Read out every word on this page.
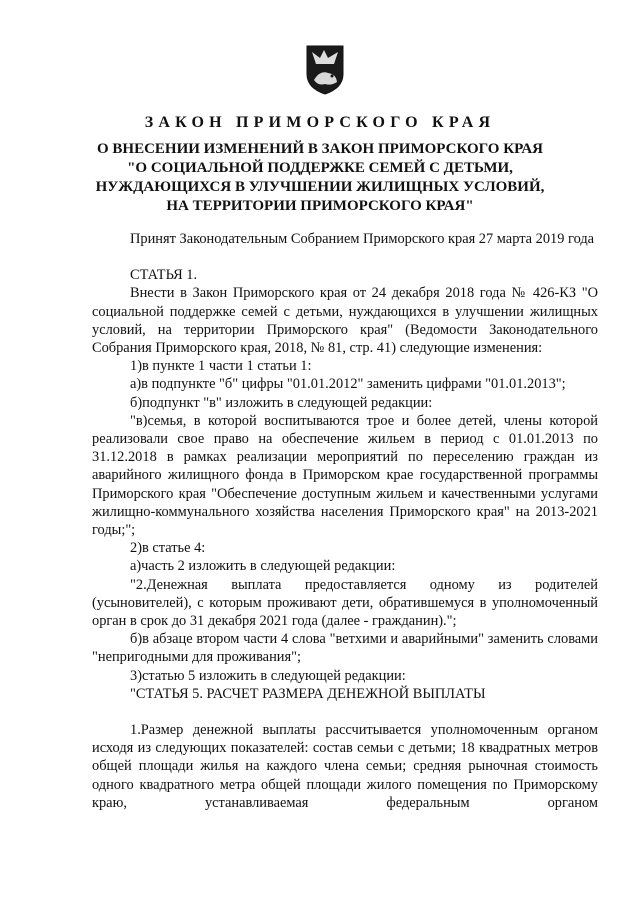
ЗАКОН ПРИМОРСКОГО КРАЯ
О ВНЕСЕНИИ ИЗМЕНЕНИЙ В ЗАКОН ПРИМОРСКОГО КРАЯ
"О СОЦИАЛЬНОЙ ПОДДЕРЖКЕ СЕМЕЙ С ДЕТЬМИ,
НУЖДАЮЩИХСЯ В УЛУЧШЕНИИ ЖИЛИЩНЫХ УСЛОВИЙ,
НА ТЕРРИТОРИИ ПРИМОРСКОГО КРАЯ"

Принят Законодательным Собранием Приморского края 27 марта 2019 года

СТАТЬЯ 1.

Внести в Закон Приморского края от 24 декабря 2018 года № 426-КЗ "О социальной поддержке семей с детьми, нуждающихся в улучшении жилищных условий, на территории Приморского края" (Ведомости Законодательного Собрания Приморского края, 2018, № 81, стр. 41) следующие изменения:

1)в пункте 1 части 1 статьи 1:

а)в подпункте "б" цифры "01.01.2012" заменить цифрами "01.01.2013";

б)подпункт "в" изложить в следующей редакции:

"в)семья, в которой воспитываются трое и более детей, члены которой реализовали свое право на обеспечение жильем в период с 01.01.2013 по 31.12.2018 в рамках реализации мероприятий по переселению граждан из аварийного жилищного фонда в Приморском крае государственной программы Приморского края "Обеспечение доступным жильем и качественными услугами жилищно-коммунального хозяйства населения Приморского края" на 2013-2021 годы;";

2)в статье 4:

а)часть 2 изложить в следующей редакции:

"2.Денежная выплата предоставляется одному из родителей (усыновителей), с которым проживают дети, обратившемуся в уполномоченный орган в срок до 31 декабря 2021 года (далее - гражданин).";

б)в абзаце втором части 4 слова "ветхими и аварийными" заменить словами "непригодными для проживания";

3)статью 5 изложить в следующей редакции:

"СТАТЬЯ 5. РАСЧЕТ РАЗМЕРА ДЕНЕЖНОЙ ВЫПЛАТЫ

1.Размер денежной выплаты рассчитывается уполномоченным органом исходя из следующих показателей: состав семьи с детьми; 18 квадратных метров общей площади жилья на каждого члена семьи; средняя рыночная стоимость одного квадратного метра общей площади жилого помещения по Приморскому краю, устанавливаемая федеральным органом
